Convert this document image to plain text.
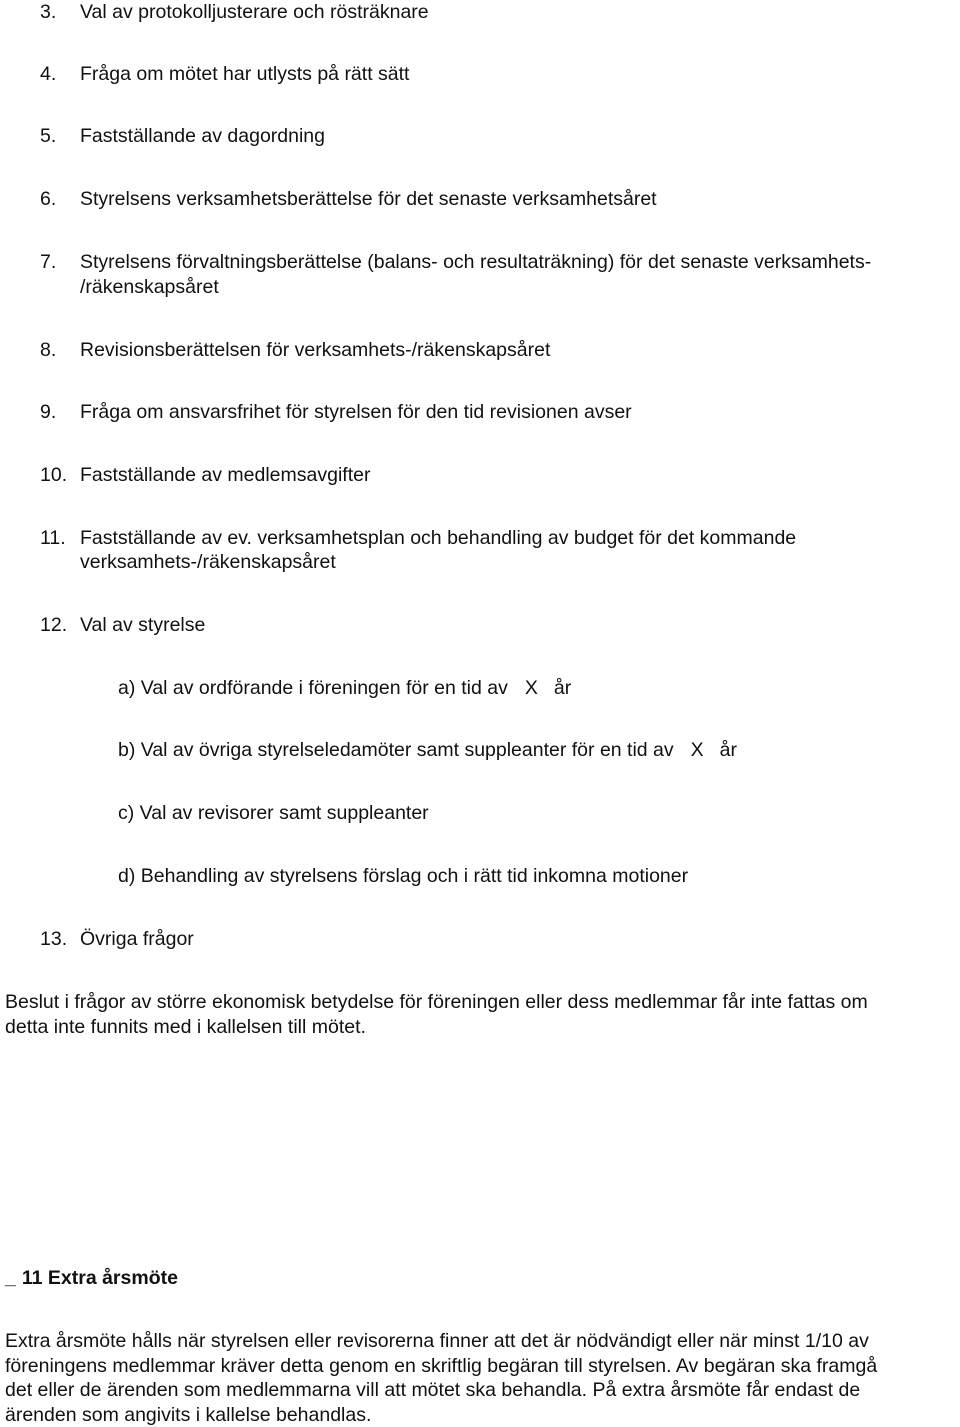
3. Val av protokolljusterare och rösträknare
4. Fråga om mötet har utlysts på rätt sätt
5. Fastställande av dagordning
6. Styrelsens verksamhetsberättelse för det senaste verksamhetsåret
7. Styrelsens förvaltningsberättelse (balans- och resultaträkning) för det senaste verksamhets-
/räkenskapsåret
8. Revisionsberättelsen för verksamhets-/räkenskapsåret
9. Fråga om ansvarsfrihet för styrelsen för den tid revisionen avser
10. Fastställande av medlemsavgifter
11. Fastställande av ev. verksamhetsplan och behandling av budget för det kommande
verksamhets-/räkenskapsåret
12. Val av styrelse
a) Val av ordförande i föreningen för en tid av X år
b) Val av övriga styrelseledamöter samt suppleanter för en tid av X år
c) Val av revisorer samt suppleanter
d) Behandling av styrelsens förslag och i rätt tid inkomna motioner
13. Övriga frågor
Beslut i frågor av större ekonomisk betydelse för föreningen eller dess medlemmar får inte fattas om
detta inte funnits med i kallelsen till mötet.
_ 11 Extra årsmöte
Extra årsmöte hålls när styrelsen eller revisorerna finner att det är nödvändigt eller när minst 1/10 av
föreningens medlemmar kräver detta genom en skriftlig begäran till styrelsen. Av begäran ska framgå
det eller de ärenden som medlemmarna vill att mötet ska behandla. På extra årsmöte får endast de
ärenden som angivits i kallelse behandlas.
